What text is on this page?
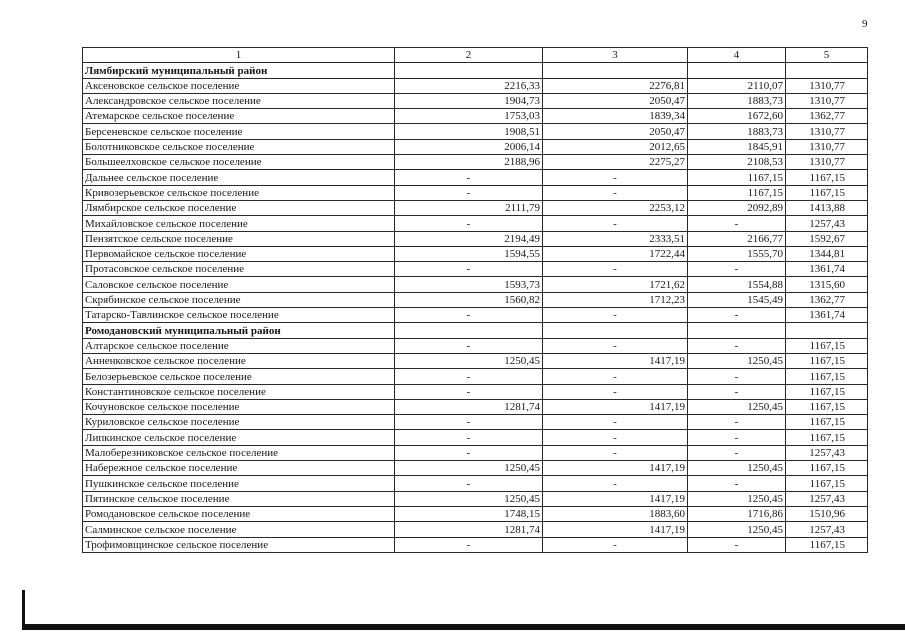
9
1	2	3	4	5
Лямбирский муниципальный район				
Аксеновское сельское поселение	2216,33	2276,81	2110,07	1310,77
Александровское сельское поселение	1904,73	2050,47	1883,73	1310,77
Атемарское сельское поселение	1753,03	1839,34	1672,60	1362,77
Берсеневское сельское поселение	1908,51	2050,47	1883,73	1310,77
Болотниковское сельское поселение	2006,14	2012,65	1845,91	1310,77
Большеелховское сельское поселение	2188,96	2275,27	2108,53	1310,77
Дальнее сельское поселение	-	-	1167,15	1167,15
Кривозерьевское сельское поселение	-	-	1167,15	1167,15
Лямбирское сельское поселение	2111,79	2253,12	2092,89	1413,88
Михайловское сельское поселение	-	-	-	1257,43
Пензятское сельское поселение	2194,49	2333,51	2166,77	1592,67
Первомайское сельское поселение	1594,55	1722,44	1555,70	1344,81
Протасовское сельское поселение	-	-	-	1361,74
Саловское сельское поселение	1593,73	1721,62	1554,88	1315,60
Скрябинское сельское поселение	1560,82	1712,23	1545,49	1362,77
Татарско-Тавлинское сельское поселение	-	-	-	1361,74
Ромодановский муниципальный район				
Алтарское сельское поселение	-	-	-	1167,15
Анненковское сельское поселение	1250,45	1417,19	1250,45	1167,15
Белозерьевское сельское поселение	-	-	-	1167,15
Константиновское сельское поселение	-	-	-	1167,15
Кочуновское сельское поселение	1281,74	1417,19	1250,45	1167,15
Куриловское сельское поселение	-	-	-	1167,15
Липкинское сельское поселение	-	-	-	1167,15
Малоберезниковское сельское поселение	-	-	-	1257,43
Набережное сельское поселение	1250,45	1417,19	1250,45	1167,15
Пушкинское сельское поселение	-	-	-	1167,15
Пятинское сельское поселение	1250,45	1417,19	1250,45	1257,43
Ромодановское сельское поселение	1748,15	1883,60	1716,86	1510,96
Салминское сельское поселение	1281,74	1417,19	1250,45	1257,43
Трофимовщинское сельское поселение	-	-	-	1167,15
